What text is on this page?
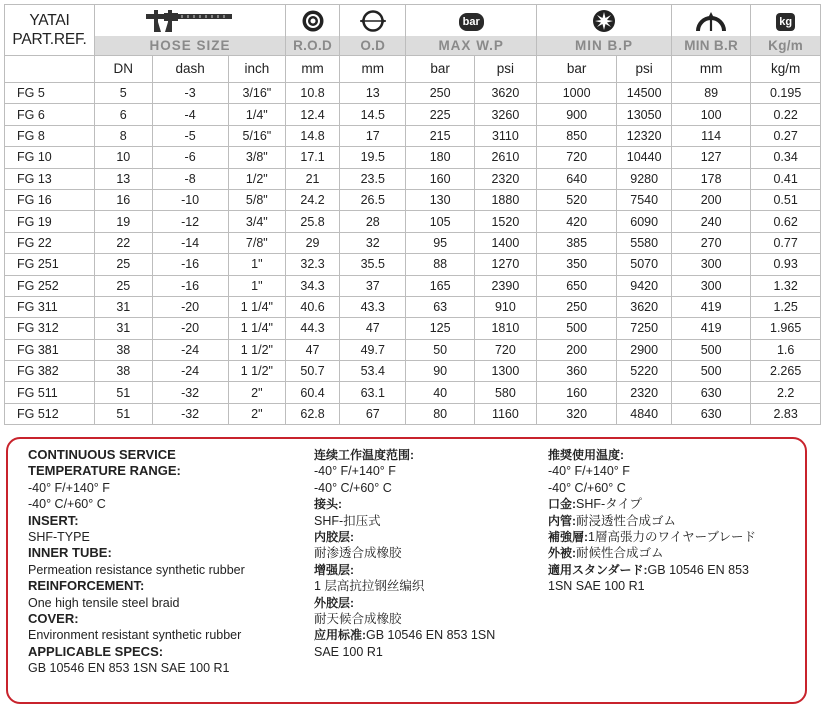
YATAI
PART.REF.						bar					kg
	HOSE SIZE			R.O.D	O.D	MAX W.P		MIN B.P		MIN B.R	Kg/m
	DN	dash	inch	mm	mm	bar	psi	bar	psi	mm	kg/m
FG 5	5	-3	3/16"	10.8	13	250	3620	1000	14500	89	0.195
FG 6	6	-4	1/4"	12.4	14.5	225	3260	900	13050	100	0.22
FG 8	8	-5	5/16"	14.8	17	215	3110	850	12320	114	0.27
FG 10	10	-6	3/8"	17.1	19.5	180	2610	720	10440	127	0.34
FG 13	13	-8	1/2"	21	23.5	160	2320	640	9280	178	0.41
FG 16	16	-10	5/8"	24.2	26.5	130	1880	520	7540	200	0.51
FG 19	19	-12	3/4"	25.8	28	105	1520	420	6090	240	0.62
FG 22	22	-14	7/8"	29	32	95	1400	385	5580	270	0.77
FG 251	25	-16	1"	32.3	35.5	88	1270	350	5070	300	0.93
FG 252	25	-16	1"	34.3	37	165	2390	650	9420	300	1.32
FG 311	31	-20	1 1/4"	40.6	43.3	63	910	250	3620	419	1.25
FG 312	31	-20	1 1/4"	44.3	47	125	1810	500	7250	419	1.965
FG 381	38	-24	1 1/2"	47	49.7	50	720	200	2900	500	1.6
FG 382	38	-24	1 1/2"	50.7	53.4	90	1300	360	5220	500	2.265
FG 511	51	-32	2"	60.4	63.1	40	580	160	2320	630	2.2
FG 512	51	-32	2"	62.8	67	80	1160	320	4840	630	2.83
CONTINUOUS SERVICE
TEMPERATURE RANGE:
-40° F/+140° F
-40° C/+60° C
INSERT:
SHF-TYPE
INNER TUBE:
Permeation resistance synthetic rubber
REINFORCEMENT:
One high tensile steel braid
COVER:
Environment resistant synthetic rubber
APPLICABLE SPECS:
GB 10546 EN 853 1SN SAE 100 R1
连续工作温度范围:
-40° F/+140° F
-40° C/+60° C
接头:
SHF-扣压式
内胶层:
耐渗透合成橡胶
增强层:
1 层高抗拉钢丝编织
外胶层:
耐天候合成橡胶
应用标准:GB 10546 EN 853 1SN
SAE 100 R1
推奨使用温度:
-40° F/+140° F
-40° C/+60° C
口金:SHF-タイプ
内管:耐浸透性合成ゴム
補強層:1層高張力のワイヤーブレード
外被:耐候性合成ゴム
適用スタンダード:GB 10546 EN 853
1SN SAE 100 R1
